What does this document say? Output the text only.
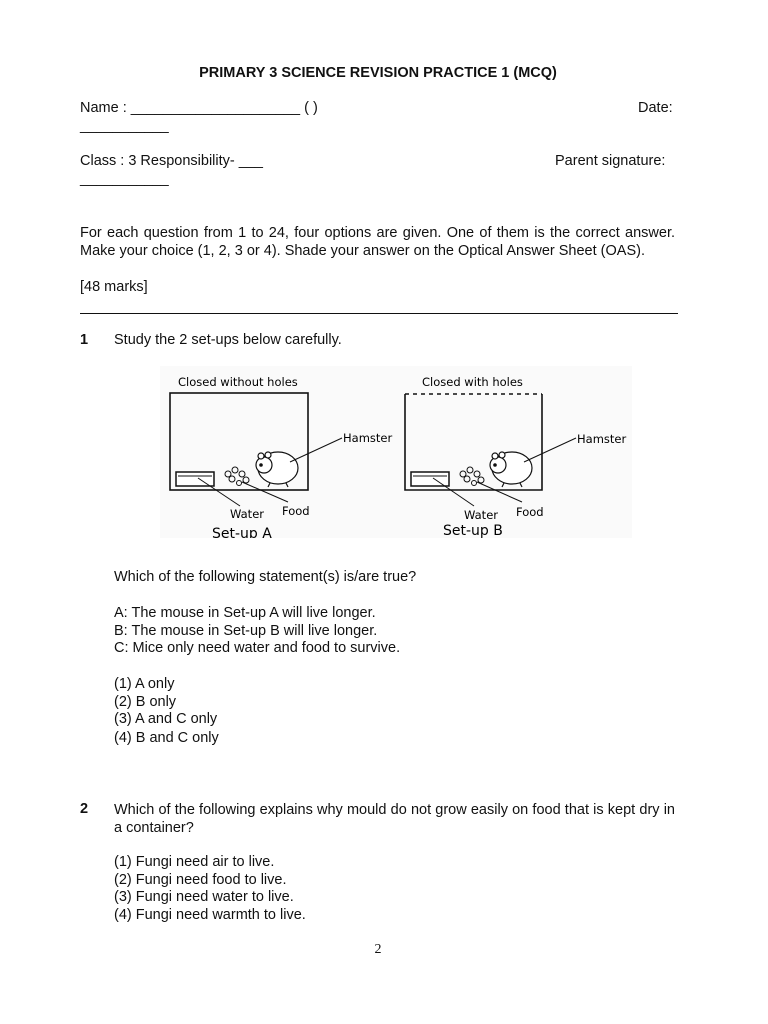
PRIMARY 3 SCIENCE REVISION PRACTICE 1 (MCQ)
Name : _____________________ ( )	Date:
___________
Class : 3 Responsibility- ___	Parent signature:
___________
For each question from 1 to 24, four options are given. One of them is the correct answer. Make your choice (1, 2, 3 or 4). Shade your answer on the Optical Answer Sheet (OAS).
[48 marks]
1 Study the 2 set-ups below carefully.
Closed without holes
Hamster
Water Food
Set-up A
Closed with holes
Hamster
Water Food
Set-up B
Which of the following statement(s) is/are true?
A: The mouse in Set-up A will live longer.
B: The mouse in Set-up B will live longer.
C: Mice only need water and food to survive.
(1) A only
(2) B only
(3) A and C only
(4) B and C only
2 Which of the following explains why mould do not grow easily on food that is kept dry in a container?
(1) Fungi need air to live.
(2) Fungi need food to live.
(3) Fungi need water to live.
(4) Fungi need warmth to live.
2
